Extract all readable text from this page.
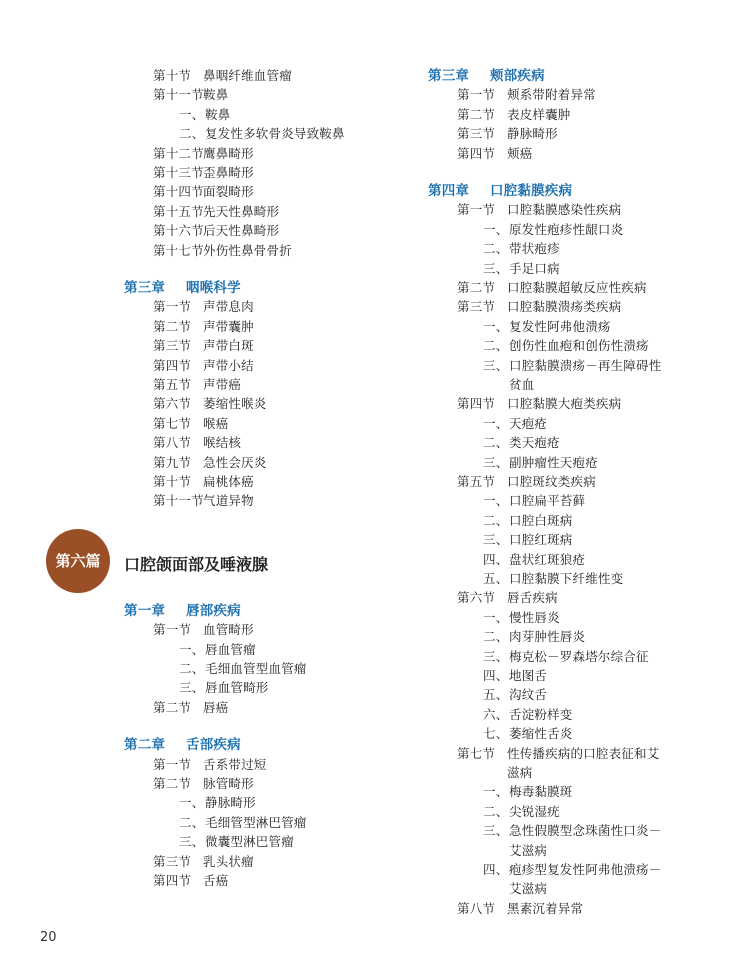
第十节 鼻咽纤维血管瘤
第十一节鞍鼻
一、鞍鼻
二、复发性多软骨炎导致鞍鼻
第十二节鹰鼻畸形
第十三节歪鼻畸形
第十四节面裂畸形
第十五节先天性鼻畸形
第十六节后天性鼻畸形
第十七节外伤性鼻骨骨折
第三章 咽喉科学
第一节 声带息肉
第二节 声带囊肿
第三节 声带白斑
第四节 声带小结
第五节 声带癌
第六节 萎缩性喉炎
第七节 喉癌
第八节 喉结核
第九节 急性会厌炎
第十节 扁桃体癌
第十一节气道异物
第一章 唇部疾病
第一节 血管畸形
一、唇血管瘤
二、毛细血管型血管瘤
三、唇血管畸形
第二节 唇癌
第二章 舌部疾病
第一节 舌系带过短
第二节 脉管畸形
一、静脉畸形
二、毛细管型淋巴管瘤
三、微囊型淋巴管瘤
第三节 乳头状瘤
第四节 舌癌
第三章 颊部疾病
第一节 颊系带附着异常
第二节 表皮样囊肿
第三节 静脉畸形
第四节 颊癌
第四章 口腔黏膜疾病
第一节 口腔黏膜感染性疾病
一、原发性疱疹性龈口炎
二、带状疱疹
三、手足口病
第二节 口腔黏膜超敏反应性疾病
第三节 口腔黏膜溃疡类疾病
一、复发性阿弗他溃疡
二、创伤性血疱和创伤性溃疡
三、口腔黏膜溃疡－再生障碍性
贫血
第四节 口腔黏膜大疱类疾病
一、天疱疮
二、类天疱疮
三、副肿瘤性天疱疮
第五节 口腔斑纹类疾病
一、口腔扁平苔藓
二、口腔白斑病
三、口腔红斑病
四、盘状红斑狼疮
五、口腔黏膜下纤维性变
第六节 唇舌疾病
一、慢性唇炎
二、肉芽肿性唇炎
三、梅克松－罗森塔尔综合征
四、地图舌
五、沟纹舌
六、舌淀粉样变
七、萎缩性舌炎
第七节 性传播疾病的口腔表征和艾
滋病
一、梅毒黏膜斑
二、尖锐湿疣
三、急性假膜型念珠菌性口炎－
艾滋病
四、疱疹型复发性阿弗他溃疡－
艾滋病
第八节 黑素沉着异常
第六篇	口腔颌面部及唾液腺
20
